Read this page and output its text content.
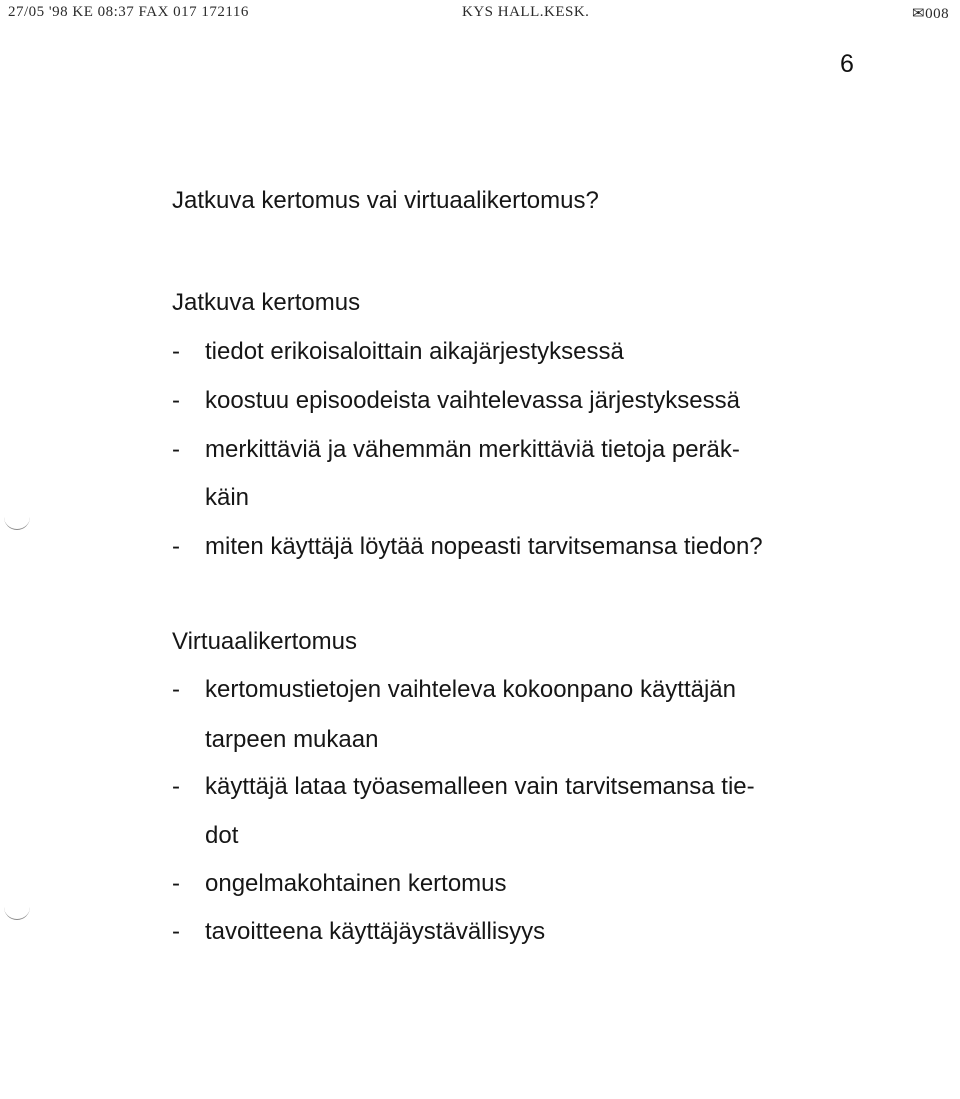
27/05 '98 KE 08:37 FAX 017 172116	KYS HALL.KESK.	✉008
6
Jatkuva kertomus vai virtuaalikertomus?
Jatkuva kertomus
- tiedot erikoisaloittain aikajärjestyksessä
- koostuu episoodeista vaihtelevassa järjestyksessä
- merkittäviä ja vähemmän merkittäviä tietoja peräk-
käin
- miten käyttäjä löytää nopeasti tarvitsemansa tiedon?
Virtuaalikertomus
- kertomustietojen vaihteleva kokoonpano käyttäjän
tarpeen mukaan
- käyttäjä lataa työasemalleen vain tarvitsemansa tie-
dot
- ongelmakohtainen kertomus
- tavoitteena käyttäjäystävällisyys
